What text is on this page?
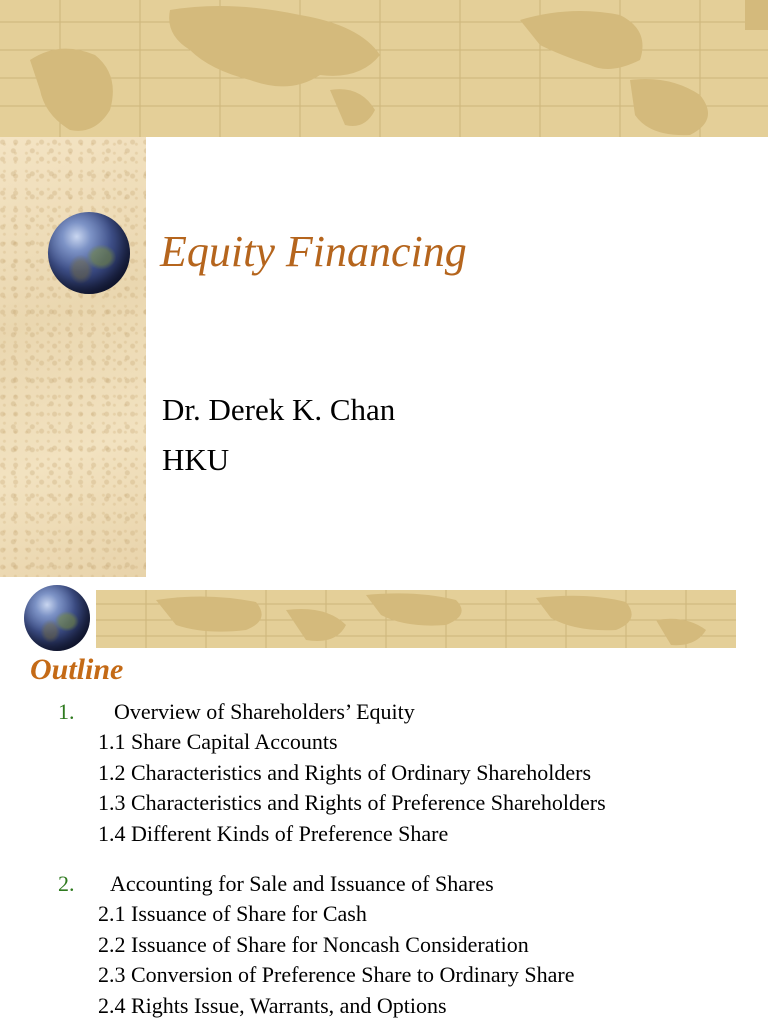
Equity Financing
Dr. Derek K. Chan
HKU
Outline
1. Overview of Shareholders’ Equity
1.1 Share Capital Accounts
1.2 Characteristics and Rights of Ordinary Shareholders
1.3 Characteristics and Rights of Preference Shareholders
1.4 Different Kinds of Preference Share
2. Accounting for Sale and Issuance of Shares
2.1 Issuance of Share for Cash
2.2 Issuance of Share for Noncash Consideration
2.3 Conversion of Preference Share to Ordinary Share
2.4 Rights Issue, Warrants, and Options
